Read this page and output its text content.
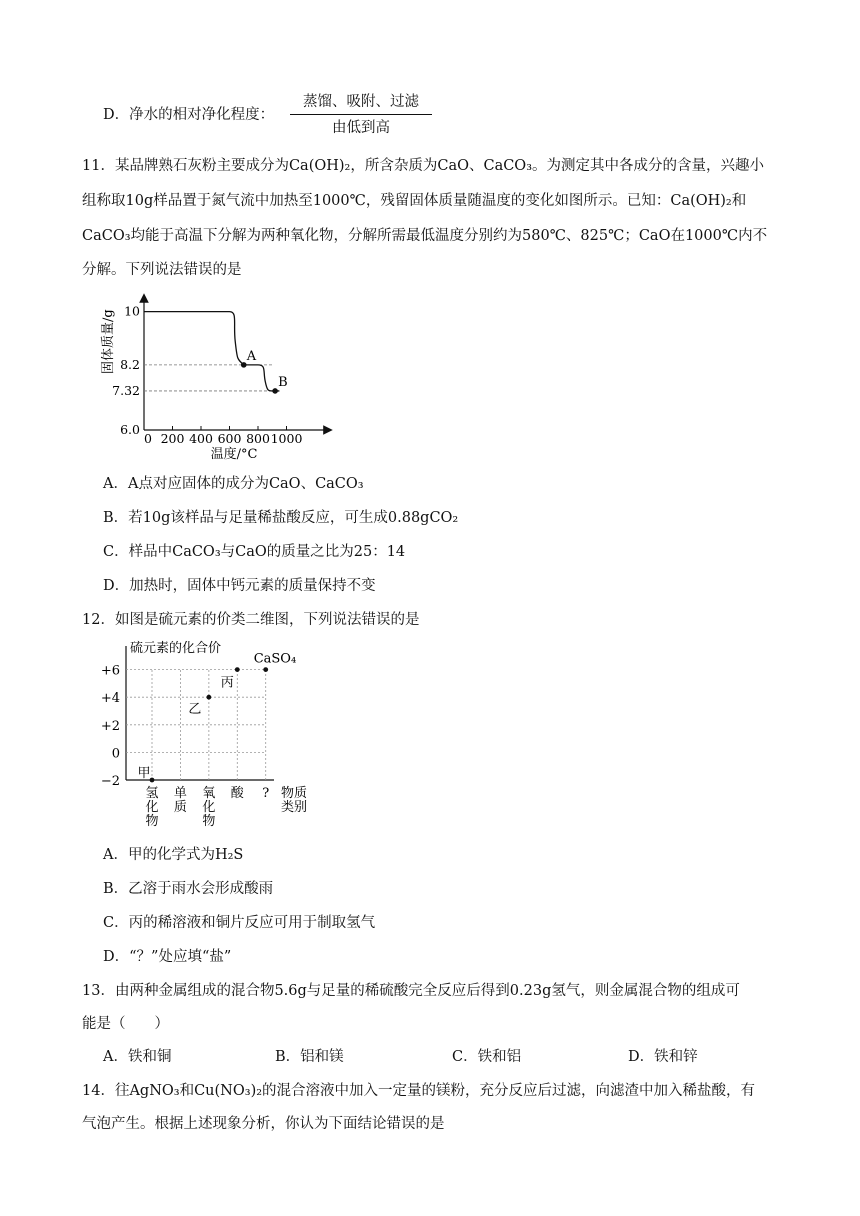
D．净水的相对净化程度：
蒸馏、吸附、过滤
由低到高
11．某品牌熟石灰粉主要成分为Ca(OH)₂，所含杂质为CaO、CaCO₃。为测定其中各成分的含量，兴趣小
组称取10g样品置于氮气流中加热至1000℃，残留固体质量随温度的变化如图所示。已知：Ca(OH)₂和
CaCO₃均能于高温下分解为两种氧化物，分解所需最低温度分别约为580℃、825℃；CaO在1000℃内不
分解。下列说法错误的是
固体质量/g
0 200 400 600 800 1000
温度/°C
6.0
7.32
8.2
10
A
B
A．A点对应固体的成分为CaO、CaCO₃
B．若10g该样品与足量稀盐酸反应，可生成0.88gCO₂
C．样品中CaCO₃与CaO的质量之比为25：14
D．加热时，固体中钙元素的质量保持不变
12．如图是硫元素的价类二维图，下列说法错误的是
硫元素的化合价
+6
+4
+2
0
−2
氢
化
物
单
质
氧
化
物
酸 ? 物质
类别
甲
乙
丙
CaSO₄
A．甲的化学式为H₂S
B．乙溶于雨水会形成酸雨
C．丙的稀溶液和铜片反应可用于制取氢气
D．“？”处应填“盐”
13．由两种金属组成的混合物5.6g与足量的稀硫酸完全反应后得到0.23g氢气，则金属混合物的组成可
能是（　　）
A．铁和铜	B．铝和镁	C．铁和铝	D．铁和锌
14．往AgNO₃和Cu(NO₃)₂的混合溶液中加入一定量的镁粉，充分反应后过滤，向滤渣中加入稀盐酸，有
气泡产生。根据上述现象分析，你认为下面结论错误的是
